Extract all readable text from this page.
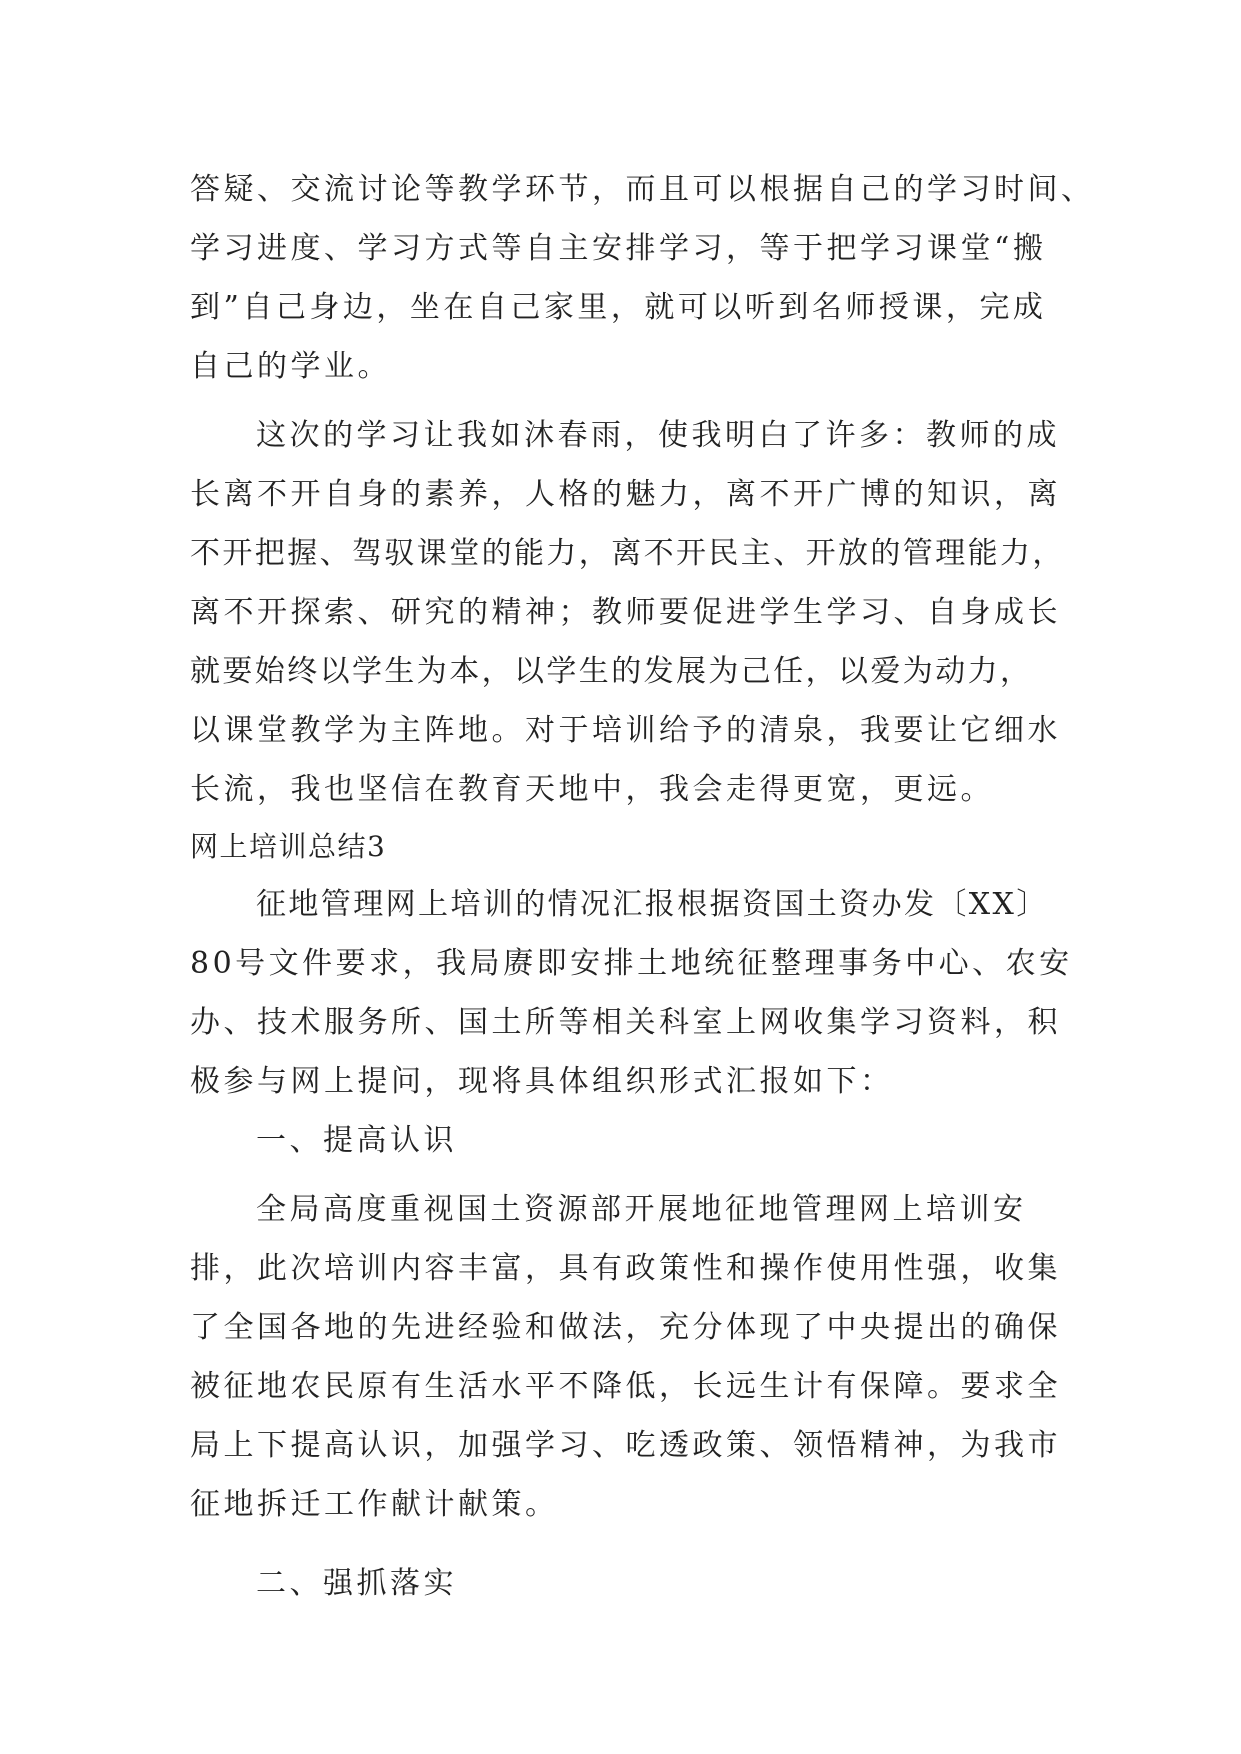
答疑、交流讨论等教学环节，而且可以根据自己的学习时间、
学习进度、学习方式等自主安排学习，等于把学习课堂“搬
到”自己身边，坐在自己家里，就可以听到名师授课，完成
自己的学业。
这次的学习让我如沐春雨，使我明白了许多：教师的成
长离不开自身的素养，人格的魅力，离不开广博的知识，离
不开把握、驾驭课堂的能力，离不开民主、开放的管理能力，
离不开探索、研究的精神；教师要促进学生学习、自身成长
就要始终以学生为本，以学生的发展为己任，以爱为动力，
以课堂教学为主阵地。对于培训给予的清泉，我要让它细水
长流，我也坚信在教育天地中，我会走得更宽，更远。
网上培训总结3
征地管理网上培训的情况汇报根据资国土资办发〔XX〕
80号文件要求，我局赓即安排土地统征整理事务中心、农安
办、技术服务所、国土所等相关科室上网收集学习资料，积
极参与网上提问，现将具体组织形式汇报如下：
一、提高认识
全局高度重视国土资源部开展地征地管理网上培训安
排，此次培训内容丰富，具有政策性和操作使用性强，收集
了全国各地的先进经验和做法，充分体现了中央提出的确保
被征地农民原有生活水平不降低，长远生计有保障。要求全
局上下提高认识，加强学习、吃透政策、领悟精神，为我市
征地拆迁工作献计献策。
二、强抓落实
